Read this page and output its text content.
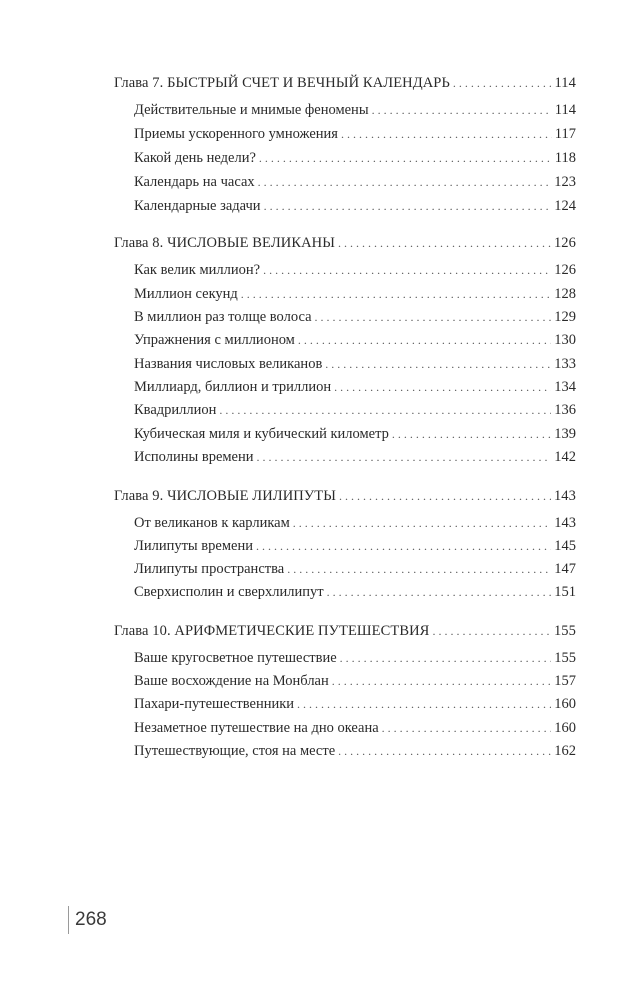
Глава 7. БЫСТРЫЙ СЧЕТ И ВЕЧНЫЙ КАЛЕНДАРЬ . . .	114
Действительные и мнимые феномены . . .	114
Приемы ускоренного умножения . . .	117
Какой день недели? . . .	118
Календарь на часах . . .	123
Календарные задачи . . .	124
Глава 8. ЧИСЛОВЫЕ ВЕЛИКАНЫ . . .	126
Как велик миллион? . . .	126
Миллион секунд . . .	128
В миллион раз толще волоса . . .	129
Упражнения с миллионом . . .	130
Названия числовых великанов . . .	133
Миллиард, биллион и триллион . . .	134
Квадриллион . . .	136
Кубическая миля и кубический километр . . .	139
Исполины времени . . .	142
Глава 9. ЧИСЛОВЫЕ ЛИЛИПУТЫ . . .	143
От великанов к карликам . . .	143
Лилипуты времени . . .	145
Лилипуты пространства . . .	147
Сверхисполин и сверхлилипут . . .	151
Глава 10. АРИФМЕТИЧЕСКИЕ ПУТЕШЕСТВИЯ . . .	155
Ваше кругосветное путешествие . . .	155
Ваше восхождение на Монблан . . .	157
Пахари-путешественники . . .	160
Незаметное путешествие на дно океана . . .	160
Путешествующие, стоя на месте . . .	162
268
